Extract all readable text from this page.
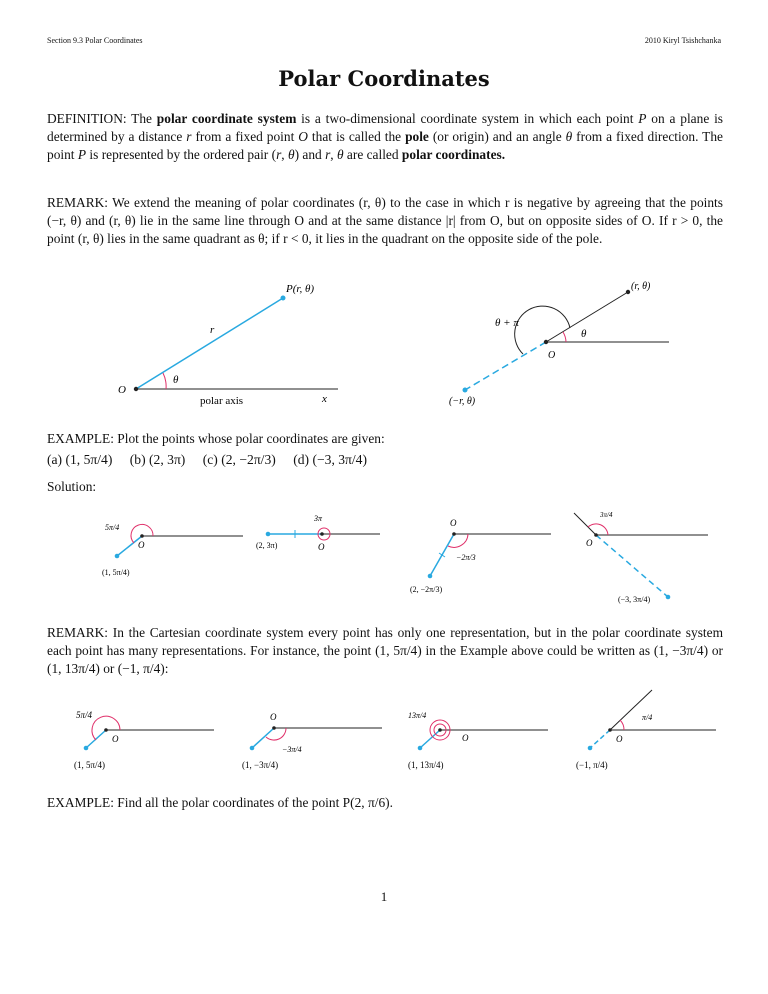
Section 9.3 Polar Coordinates	2010 Kiryl Tsishchanka
Polar Coordinates
DEFINITION: The polar coordinate system is a two-dimensional coordinate system in which each point P on a plane is determined by a distance r from a fixed point O that is called the pole (or origin) and an angle θ from a fixed direction. The point P is represented by the ordered pair (r, θ) and r, θ are called polar coordinates.
REMARK: We extend the meaning of polar coordinates (r, θ) to the case in which r is negative by agreeing that the points (−r, θ) and (r, θ) lie in the same line through O and at the same distance |r| from O, but on opposite sides of O. If r > 0, the point (r, θ) lies in the same quadrant as θ; if r < 0, it lies in the quadrant on the opposite side of the pole.
P(r, θ)
r
θ
O
polar axis	x
(r, θ)
(−r, θ)
θ + π
θ
O
EXAMPLE: Plot the points whose polar coordinates are given:
(a) (1, 5π/4) (b) (2, 3π) (c) (2, −2π/3) (d) (−3, 3π/4)
Solution:
5π/4
O
(1, 5π/4)
3π
O
(2, 3π)
O
−2π/3
(2, −2π/3)
3π/4
O
(−3, 3π/4)
REMARK: In the Cartesian coordinate system every point has only one representation, but in the polar coordinate system each point has many representations. For instance, the point (1, 5π/4) in the Example above could be written as (1, −3π/4) or (1, 13π/4) or (−1, π/4):
5π/4
O
(1, 5π/4)
O
−3π/4
(1, −3π/4)
13π/4
O
(1, 13π/4)
π/4
O
(−1, π/4)
EXAMPLE: Find all the polar coordinates of the point P(2, π/6).
1
